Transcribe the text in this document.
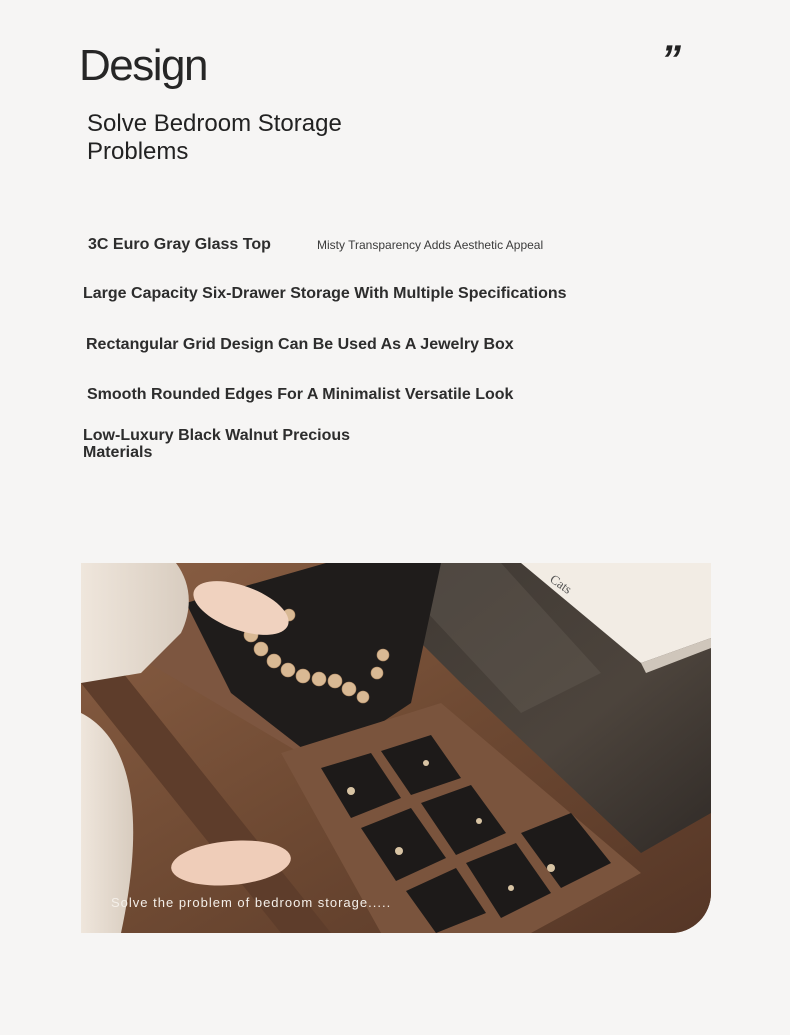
Design	”
Solve Bedroom Storage Problems
3C Euro Gray Glass Top	Misty Transparency Adds Aesthetic Appeal
Large Capacity Six-Drawer Storage With Multiple Specifications
Rectangular Grid Design Can Be Used As A Jewelry Box
Smooth Rounded Edges For A Minimalist Versatile Look
Low-Luxury Black Walnut Precious Materials
Cats
Solve the problem of bedroom storage.....
